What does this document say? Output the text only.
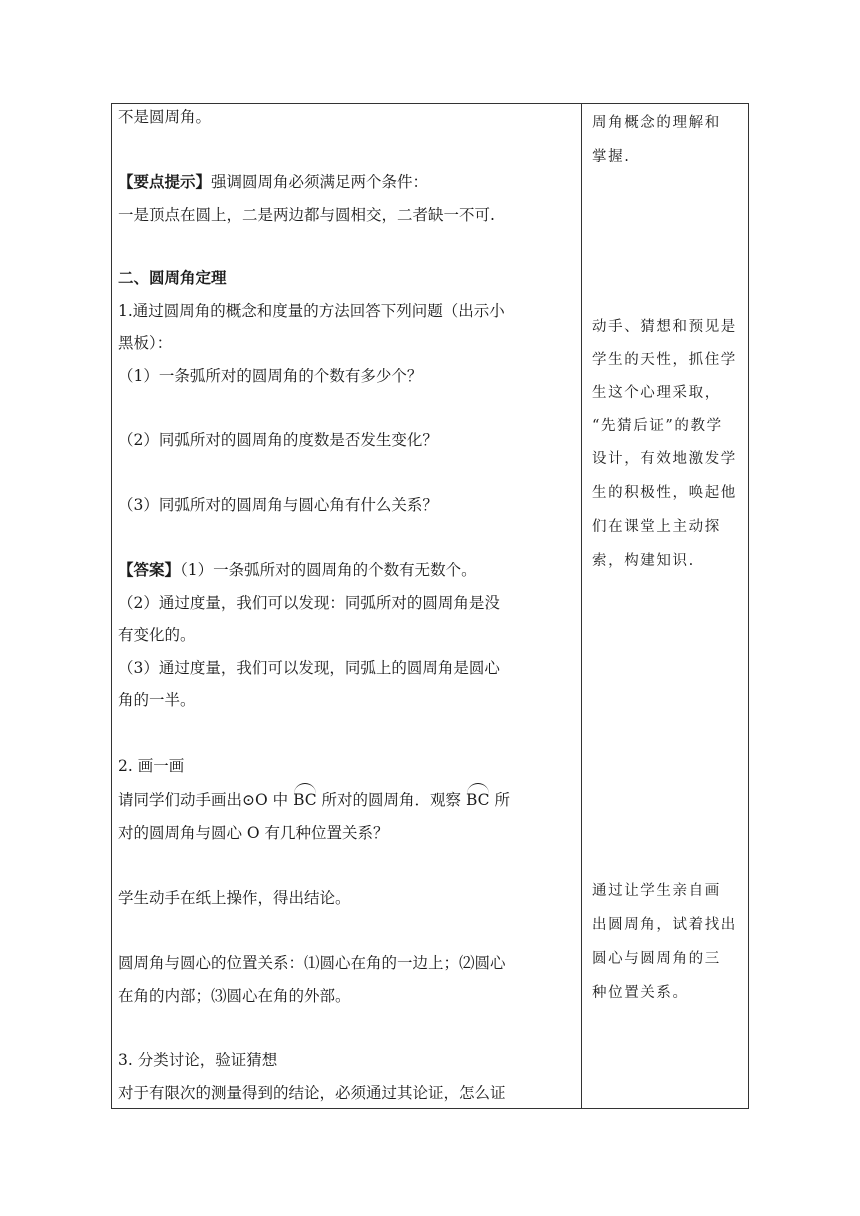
不是圆周角。
【要点提示】强调圆周角必须满足两个条件：
一是顶点在圆上，二是两边都与圆相交，二者缺一不可.
二、圆周角定理
1.通过圆周角的概念和度量的方法回答下列问题（出示小
黑板）：
（1）一条弧所对的圆周角的个数有多少个？
（2）同弧所对的圆周角的度数是否发生变化？
（3）同弧所对的圆周角与圆心角有什么关系？
【答案】（1）一条弧所对的圆周角的个数有无数个。
（2）通过度量，我们可以发现：同弧所对的圆周角是没
有变化的。
（3）通过度量，我们可以发现，同弧上的圆周角是圆心
角的一半。
2. 画一画
请同学们动手画出⊙O 中 BC 所对的圆周角．观察 BC 所
对的圆周角与圆心 O 有几种位置关系？
学生动手在纸上操作，得出结论。
圆周角与圆心的位置关系：⑴圆心在角的一边上；⑵圆心
在角的内部；⑶圆心在角的外部。
3. 分类讨论，验证猜想
对于有限次的测量得到的结论，必须通过其论证，怎么证
周角概念的理解和
掌握.
动手、猜想和预见是
学生的天性，抓住学
生这个心理采取，
“先猜后证”的教学
设计，有效地激发学
生的积极性，唤起他
们在课堂上主动探
索，构建知识.
通过让学生亲自画
出圆周角，试着找出
圆心与圆周角的三
种位置关系。
